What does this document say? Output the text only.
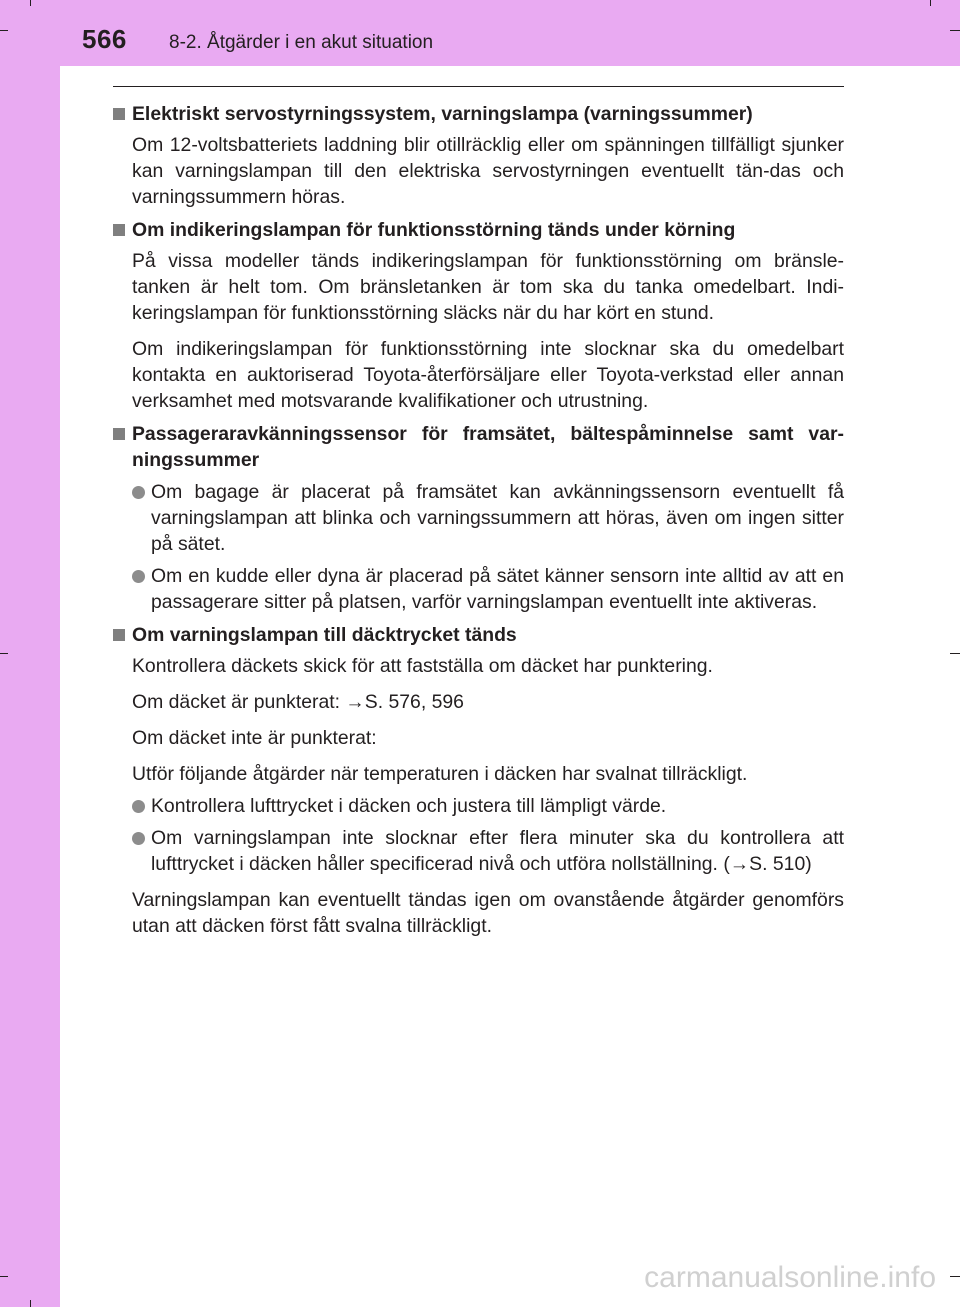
566 8-2. Åtgärder i en akut situation
Elektriskt servostyrningssystem, varningslampa (varningssummer)
Om 12-voltsbatteriets laddning blir otillräcklig eller om spänningen tillfälligt sjunker kan varningslampan till den elektriska servostyrningen eventuellt tän-das och varningssummern höras.
Om indikeringslampan för funktionsstörning tänds under körning
På vissa modeller tänds indikeringslampan för funktionsstörning om bränsle-tanken är helt tom. Om bränsletanken är tom ska du tanka omedelbart. Indi-keringslampan för funktionsstörning släcks när du har kört en stund.
Om indikeringslampan för funktionsstörning inte slocknar ska du omedelbart kontakta en auktoriserad Toyota-återförsäljare eller Toyota-verkstad eller annan verksamhet med motsvarande kvalifikationer och utrustning.
Passageraravkänningssensor för framsätet, bältespåminnelse samt var-ningssummer
Om bagage är placerat på framsätet kan avkänningssensorn eventuellt få varningslampan att blinka och varningssummern att höras, även om ingen sitter på sätet.
Om en kudde eller dyna är placerad på sätet känner sensorn inte alltid av att en passagerare sitter på platsen, varför varningslampan eventuellt inte aktiveras.
Om varningslampan till däcktrycket tänds
Kontrollera däckets skick för att fastställa om däcket har punktering.
Om däcket är punkterat: →S. 576, 596
Om däcket inte är punkterat:
Utför följande åtgärder när temperaturen i däcken har svalnat tillräckligt.
Kontrollera lufttrycket i däcken och justera till lämpligt värde.
Om varningslampan inte slocknar efter flera minuter ska du kontrollera att lufttrycket i däcken håller specificerad nivå och utföra nollställning. (→S. 510)
Varningslampan kan eventuellt tändas igen om ovanstående åtgärder genomförs utan att däcken först fått svalna tillräckligt.
carmanualsonline.info
